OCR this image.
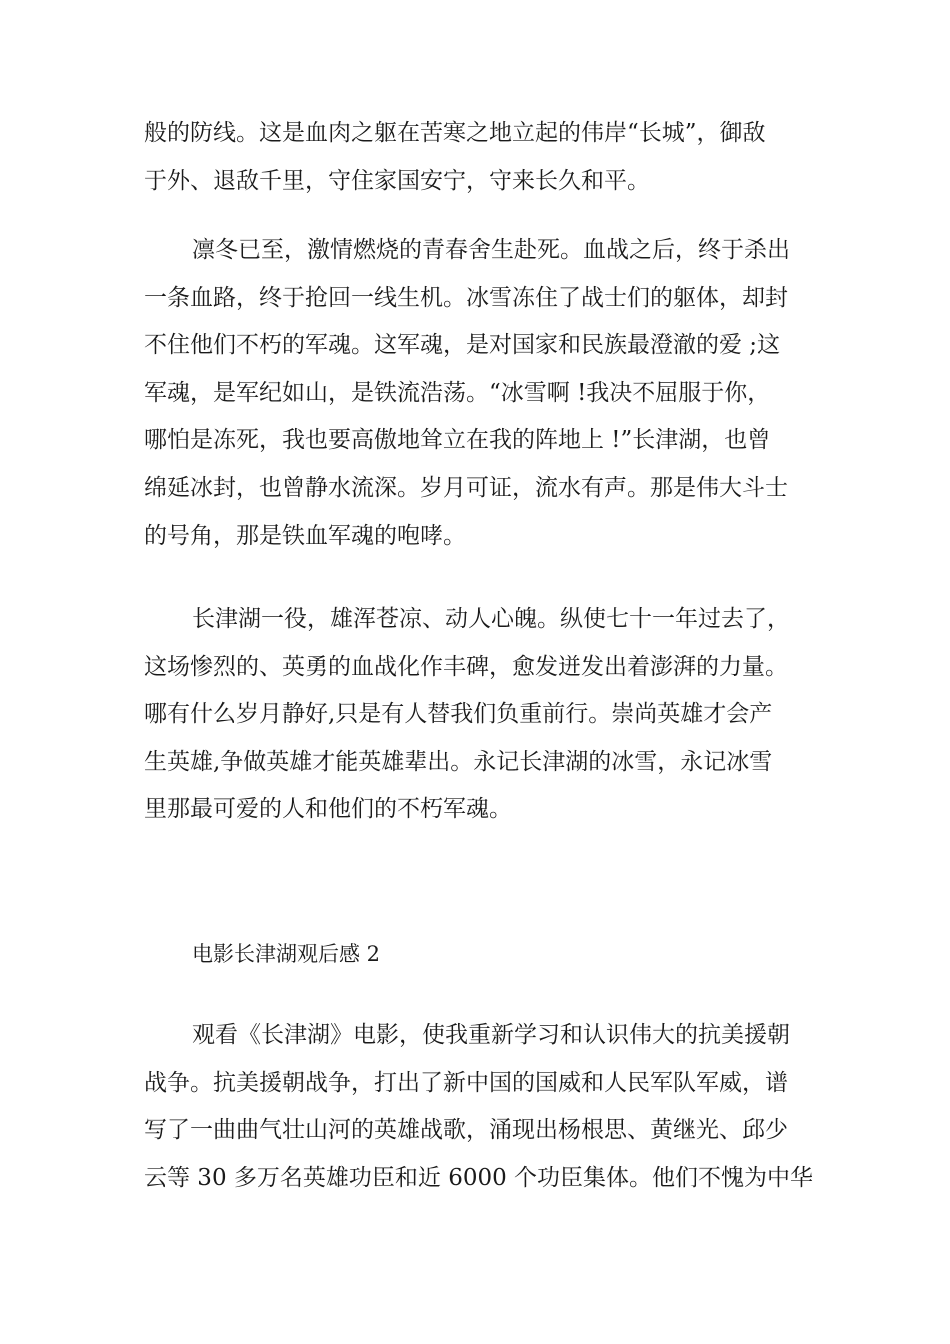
般的防线。这是血肉之躯在苦寒之地立起的伟岸“长城”，御敌
于外、退敌千里，守住家国安宁，守来长久和平。

凛冬已至，激情燃烧的青春舍生赴死。血战之后，终于杀出
一条血路，终于抢回一线生机。冰雪冻住了战士们的躯体，却封
不住他们不朽的军魂。这军魂，是对国家和民族最澄澈的爱 ;这
军魂，是军纪如山，是铁流浩荡。“冰雪啊 !我决不屈服于你，
哪怕是冻死，我也要高傲地耸立在我的阵地上 !”长津湖，也曾
绵延冰封，也曾静水流深。岁月可证，流水有声。那是伟大斗士
的号角，那是铁血军魂的咆哮。

长津湖一役，雄浑苍凉、动人心魄。纵使七十一年过去了，
这场惨烈的、英勇的血战化作丰碑，愈发迸发出着澎湃的力量。
哪有什么岁月静好,只是有人替我们负重前行。崇尚英雄才会产
生英雄,争做英雄才能英雄辈出。永记长津湖的冰雪，永记冰雪
里那最可爱的人和他们的不朽军魂。

电影长津湖观后感 2

观看《长津湖》电影，使我重新学习和认识伟大的抗美援朝
战争。抗美援朝战争，打出了新中国的国威和人民军队军威，谱
写了一曲曲气壮山河的英雄战歌，涌现出杨根思、黄继光、邱少
云等 30 多万名英雄功臣和近 6000 个功臣集体。他们不愧为中华
